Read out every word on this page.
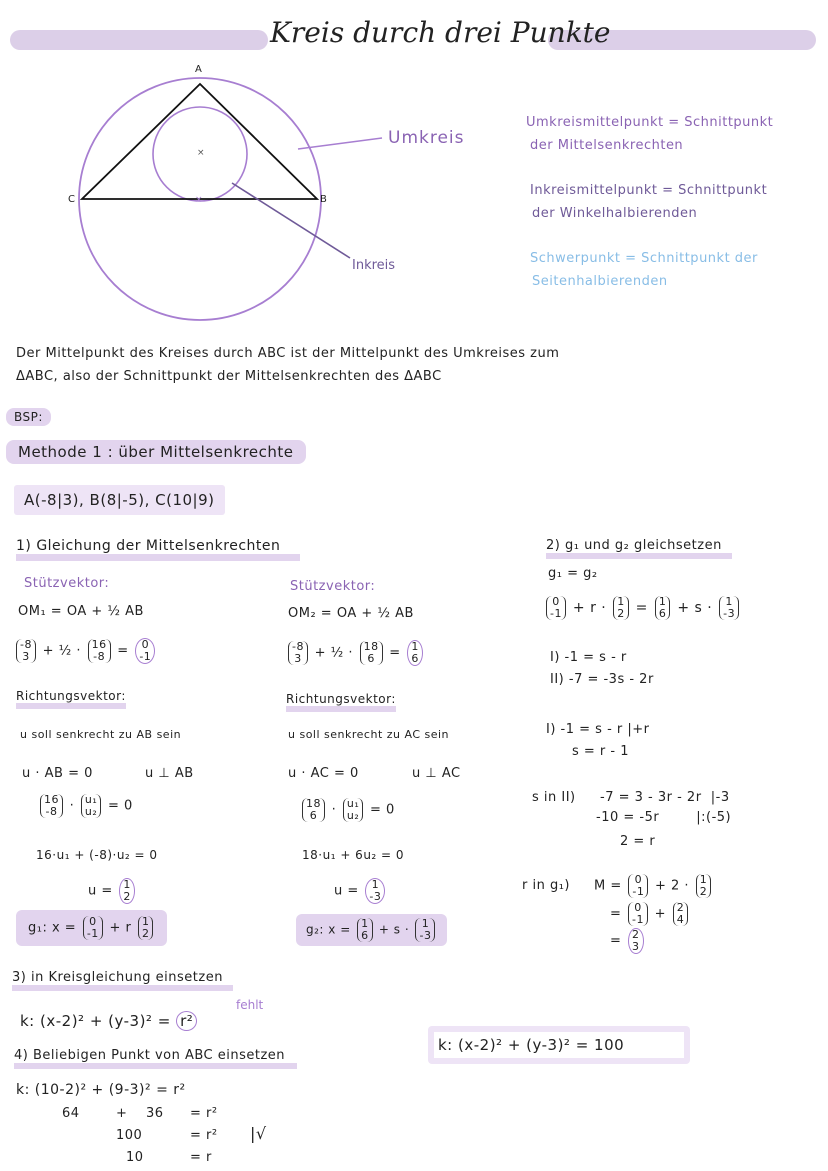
Kreis durch drei Punkte
×
×
A
C	B
Umkreis
Inkreis
Umkreismittelpunkt = Schnittpunkt
der Mittelsenkrechten
Inkreismittelpunkt = Schnittpunkt
der Winkelhalbierenden
Schwerpunkt = Schnittpunkt der
Seitenhalbierenden
Der Mittelpunkt des Kreises durch ABC ist der Mittelpunkt des Umkreises zum
ΔABC, also der Schnittpunkt der Mittelsenkrechten des ΔABC
BSP:
Methode 1 : über Mittelsenkrechte
A(-8|3), B(8|-5), C(10|9)
1) Gleichung der Mittelsenkrechten
Stützvektor:
OM₁ = OA + ½ AB
-8
3 + ½ · 16
-8 = 0
-1
Richtungsvektor:
u soll senkrecht zu AB sein
u · AB = 0	u ⊥ AB
16
-8 · u₁
u₂ = 0
16·u₁ + (-8)·u₂ = 0
u = 1
2
g₁: x = 0
-1 + r 1
2
Stützvektor:
OM₂ = OA + ½ AB
-8
3 + ½ · 18
6 = 1
6
Richtungsvektor:
u soll senkrecht zu AC sein
u · AC = 0	u ⊥ AC
18
6 · u₁
u₂ = 0
18·u₁ + 6u₂ = 0
u = 1
-3
g₂: x = 1
6 + s · 1
-3
2) g₁ und g₂ gleichsetzen
g₁ = g₂
0
-1 + r · 1
2 = 1
6 + s · 1
-3
I) -1 = s - r
II) -7 = -3s - 2r
I) -1 = s - r |+r
s = r - 1
s in II) -7 = 3 - 3r - 2r  |-3
-10 = -5r        |:(-5)
2 = r
r in g₁) M = 0
-1 + 2 · 1
2
= 0
-1 + 2
4
= 2
3
3) in Kreisgleichung einsetzen
k: (x-2)² + (y-3)² = r²
fehlt
k: (x-2)² + (y-3)² = 100
4) Beliebigen Punkt von ABC einsetzen
k: (10-2)² + (9-3)² = r²
64	+ 36 = r²
100	= r² |√
10	= r
